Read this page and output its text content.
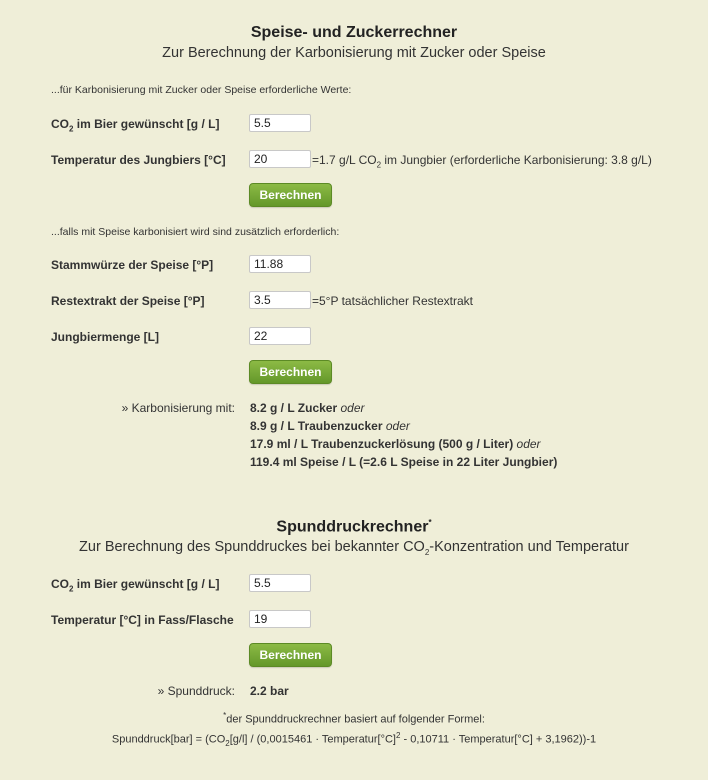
Speise- und Zuckerrechner
Zur Berechnung der Karbonisierung mit Zucker oder Speise
...für Karbonisierung mit Zucker oder Speise erforderliche Werte:
$CO_2$ im Bier gewünscht [g / L]
5.5
Temperatur des Jungbiers [°C]
20	=1.7 g/L $CO_2$ im Jungbier (erforderliche Karbonisierung: 3.8 g/L)
Berechnen
...falls mit Speise karbonisiert wird sind zusätzlich erforderlich:
Stammwürze der Speise [°P]
11.88
Restextrakt der Speise [°P]
3.5	=5°P tatsächlicher Restextrakt
Jungbiermenge [L]
22
Berechnen
» Karbonisierung mit: 8.2 g / L Zucker oder
8.9 g / L Traubenzucker oder
17.9 ml / L Traubenzuckerlösung (500 g / Liter) oder
119.4 ml Speise / L (=2.6 L Speise in 22 Liter Jungbier)
Spunddruckrechner*
Zur Berechnung des Spunddruckes bei bekannter $CO_2$-Konzentration und Temperatur
$CO_2$ im Bier gewünscht [g / L]
5.5
Temperatur [°C] in Fass/Flasche
19
Berechnen
» Spunddruck: 2.2 bar
*der Spunddruckrechner basiert auf folgender Formel:
Spunddruck[bar] = ($CO_2[g/l] / (0,0015461$ · $Temperatur[^\circ C]^2 - 0,10711$ · Temperatur[°C] + 3,1962))-1
